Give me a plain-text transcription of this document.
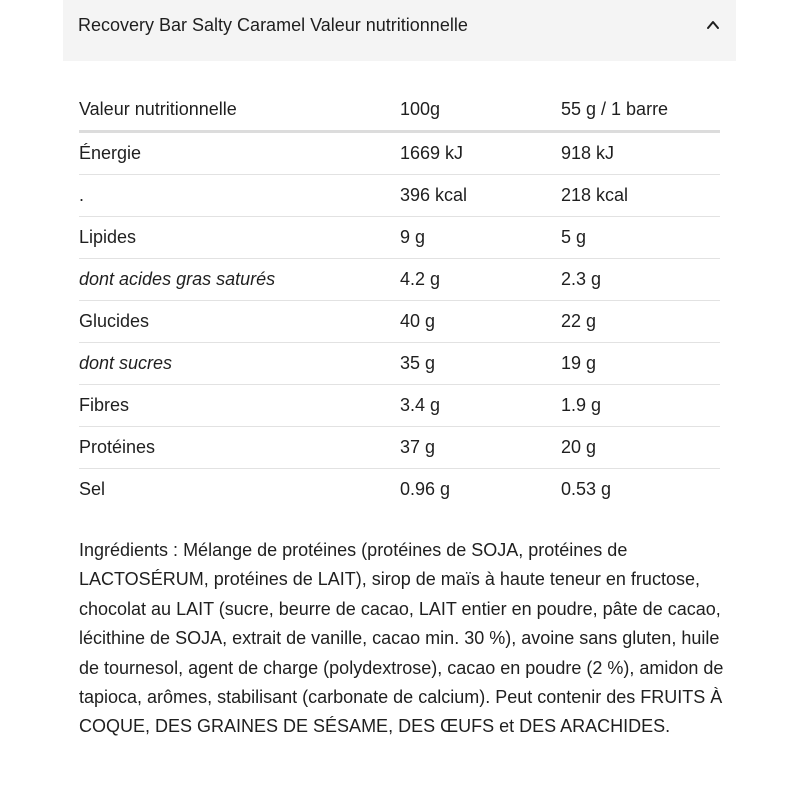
Recovery Bar Salty Caramel Valeur nutritionnelle
Valeur nutritionnelle	100g	55 g / 1 barre
Énergie	1669 kJ	918 kJ
.	396 kcal	218 kcal
Lipides	9 g	5 g
dont acides gras saturés	4.2 g	2.3 g
Glucides	40 g	22 g
dont sucres	35 g	19 g
Fibres	3.4 g	1.9 g
Protéines	37 g	20 g
Sel	0.96 g	0.53 g

Ingrédients : Mélange de protéines (protéines de SOJA, protéines de LACTOSÉRUM, protéines de LAIT), sirop de maïs à haute teneur en fructose, chocolat au LAIT (sucre, beurre de cacao, LAIT entier en poudre, pâte de cacao, lécithine de SOJA, extrait de vanille, cacao min. 30 %), avoine sans gluten, huile de tournesol, agent de charge (polydextrose), cacao en poudre (2 %), amidon de tapioca, arômes, stabilisant (carbonate de calcium). Peut contenir des FRUITS À COQUE, DES GRAINES DE SÉSAME, DES ŒUFS et DES ARACHIDES.
